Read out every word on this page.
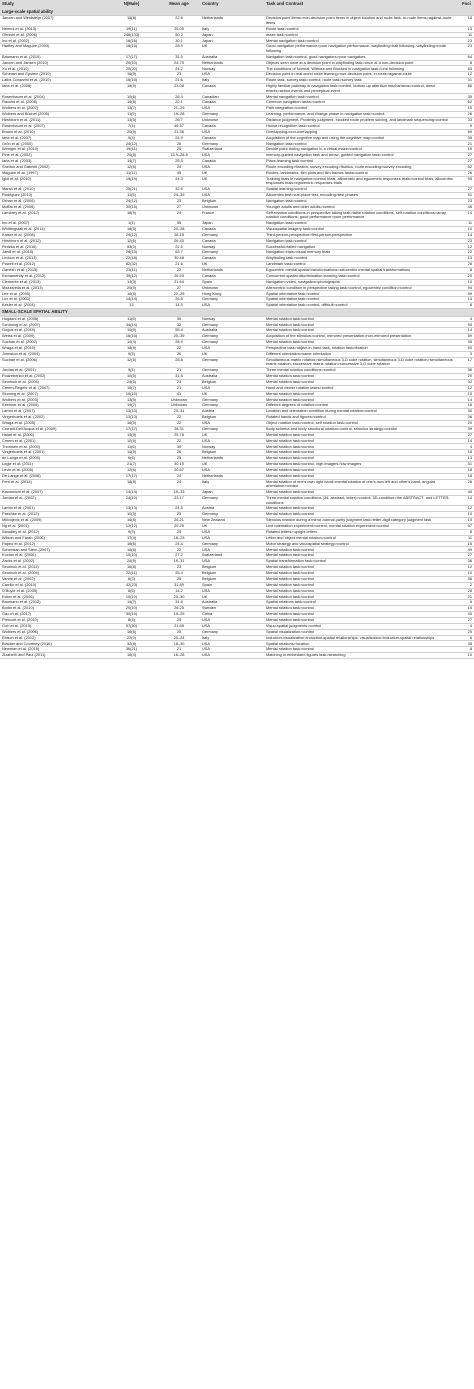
Study	N(Male)	Mean age	Country	Task and Contrast	Foci
Large-scale spatial ability					
Janzen and Weststeijn (2007)	15(8)	22.6	Netherlands	Decision point items>non-decision point items in object location and route task, in-route items>against-route items	18
Nemmi et al. (2013)	19(11)	25.05	Italy	Route task>control	13
Ohnishi et al. (2006)	248(133)	50.2	Japan	maze task>control	11
Ino et al. (2002)	16(16)	30.1	Japan	Mental navigation task>control	23
Hartley and Maguire (2003)	16(16)	28.9	UK	Good navigation performance>poor navigation performance, wayfinding>trail following, wayfinding>route following	23
Baumann et al. (2010)	17(17)	31.5	Australia	Navigation task>control, good navigators>poor navigators	64
Janzen and Jansen (2010)	20(10)	24.75	Netherlands	Objects seen once at a decision point in wayfinding task>once at a non-decision point	8
Xu et al. (2010)	20(20)	24.2	Norway	The conditions of Normal, Without and Blocked in navigation task>Line following	83
Schinazi and Epstein (2010)	16(5)	23	USA	Decision point in real-world route learning>non-decision point, in-route>against-route	12
Latini-Corazzini et al. (2010)	16(16)	21.6	Italy	Route task, survey task>control, route task>survey task	31
Iaria et al. (2008)	18(9)	23.08	Canada	Highly familiar pathway in navigation task>control, bottom-up attention mechanisms>control, direct events>action events and perceptual event	86
Rosenbaum et al. (2004)	10(6)	26.4	Canadian	Mental navigation task>control	35
Rauchs et al. (2008)	16(8)	22.1	Canada	Common navigation tasks>control	62
Wolbers et al. (2007)	13(7)	21–29	USA	Path integration>control	15
Wolbers and Büchel (2005)	11(5)	19–28	Germany	Learning, performance, and change phase in navigation task>control	26
Hirshhorn et al. (2011)	13(5)	26.7	Unknown	Distance judgment, Proximity judgment, blocked route problem solving, and landmark sequencing>control	33
Rosenbaum et al. (2007)	7(4)	46.57	Canada	House recognition task>control	9
Brown et al. (2010)	20(9)	21.36	USA	Overlapping>non-overlapping	69
Iaria et al. (2007)	9(4)	24.9	Canada	Acquisition of the cognitive map and using the cognitive map>control	35
Grön et al. (2000)	24(12)	26	Germany	Navigation task>control	21
Weniger et al. (2010)	19(11)	25	Switzerland	Decide point during navigation in a virtual maze>control	19
Pine et al. (2002)	20(5)	13.9–28.8	USA	memory-guided navigation task and arrow- guided navigation task>control	27
Iaria et al. (2003)	14(7)	25.5	Canada	Place-learning task>control	27
Shelton and Gabrieli (2002)	12(6)	24	USA	Route encoding>fixation, survey encoding>fixation, route encoding>survey encoding	52
Maguire et al. (1997)	11(11)	45	UK	Routes, landmarks, film plots,and film frames tasks>control	26
Iglói et al. (2010)	19(19)	24.3	UK	Training trials in navigation>control trials, allocentric and egocentric responses trials>control trials, allocentric responses trials>egocentric responses trials	95
Marsh et al. (2010)	25(21)	32.5	USA	Spatial learning>control	27
Rodriguez (2010)	11(5)	24–39	USA	Allocentric test>cue-place test, encoding>test phases	51
Orban et al. (2006)	24(12)	23	Belgium	Navigation task>control	23
Moffat et al. (2006)	30(15)	27	Unknown	Younger adults and older adults>control	46
Lambrey et al. (2012)	18(9)	24	France	Self-rotation conditions in perspective taking task>table rotation conditions, self-rotation conditions>array rotation conditions, good performance>poor performance	14
Ino et al. (2007)	1(1)	55	Japan	Navigation task>control	11
Whittingstall et al. (2014)	18(5)	20–28	Canada	Visuospatial imagery task>control	10
Kaiser et al. (2008)	24(12)	28.15	Germany	Third-person-perspective>first-person-perspective	14
Hirshhorn et al. (2012)	12(6)	26.43	Canada	Navigation task>control	23
Pintzka et al. (2016)	53(0)	22.5	Norway	Successful>failed navigation	12
Jandl et al. (2015)	26(13)	63.7	Germany	Navigation trials>visual memory trials	22
Ledoux et al. (2013)	22(18)	30.48	Canada	Wayfinding task>control	13
Powell et al. (2012)	82(32)	21.6	UK	Landmark task>control	28
Ganesh et al. (2015)	23(11)	22	Netherlands	Egocentric mental spatial transformations>allocentric mental spatial transformations	8
Etchamendy et al. (2012)	30(12)	26.53	Canada	Concurrent spatial discrimination learning task>control	20
Clemente et al. (2013)	14(3)	21.64	Spain	Navigation>video, navigation>photographs	10
Mazzarella et al. (2013)	20(9)	27	Unknown	Altercentric condition in perspective taking task>control, egocentric condition>control	94
Lee et al. (2005)	16(8)	22–25	Hong Kong	Spatial orientation task>control	39
Lux et al. (2003)	14(14)	26.8	Germany	Spatial orientation task>control	13
Kesler et al. (2004)	13	14.5	USA	Spatial orientation task>control, difficult>control	8
SMALL-SCALE SPATIAL ABILITY					
Hugdahl et al. (2006)	11(6)	30	Norway	Mental rotation task>control	4
Schöning et al. (2007)	34(14)	32	Germany	Mental rotation task>control	95
Gogos et al. (2010)	10(6)	55.4	Australia	Mental rotation task>control	14
Weiss et al. (2009)	16(16)	20–39	Germany	Acquisition of the stimulus>control, mirrored presentation>non-mirrored presentation	59
Suchan et al. (2002)	10(4)	28.9	Germany	Mental rotation task>control	35
Wraga et al. (2010)	18(9)	22	USA	Perspective task>object-in-hand task, rotation task>fixation	50
Johnston et al. (2004)	9(5)	26	UK	Different orientation>same orientation	3
Suchan et al. (2006)	12(6)	28.8	Germany	Simultaneous matrix rotation>simultaneous 3-D cube rotation, simultaneous 3-D cube rotation>simultaneous matrix rotation, successive matrix rotation>successive 3-D cube rotation	17
Jordan et al. (2001)	9(1)	21	Germany	Three mental rotation conditions>control	36
Podzebenko et al. (2002)	10(5)	31.8	Australia	Mental rotation task>control	20
Seurinck et al. (2005)	24(5)	23	Belgium	Mental rotation task>control	32
Creem-Regehr et al. (2007)	15(7)	21	USA	Hand and viewer rotation tasks>control	12
Sluming et al. (2007)	10(10)	41	UK	Mental rotation task>control	10
Wolbers et al. (2003)	13(9)	Unknown	Germany	Mental rotation task>control	14
Keehner et al. (2006)	14(7)	Unknown	Germany	Different degrees of rotation>control	16
Lamm et al. (2007)	13(13)	23–31	Austria	Location and orientation condition during mental rotation>control	30
Vingerhoets et al. (2002)	13(13)	22	Belgium	Rotated hands and figures>control	36
Wraga et al. (2005)	16(5)	22	USA	Object rotation task>control, self rotation task>control	20
Corradi-Dell'Acqua et al. (2009)	17(17)	28.31	Germany	Body schema and body structural rotation>control, stimulus strategy>control	39
Halari et al. (2006)	19(9)	25.78	UK	Mental rotation task>control	27
Creem et al. (2001)	12(6)	22	USA	Mental rotation task>control	14
Thomsen et al. (2000)	11(6)	30	Norway	Mental rotation task>control	4
Vingerhoets et al. (2001)	10(5)	26	Belgium	Mental rotation task>control	18
de Lange et al. (2005)	6(6)	25	Netherlands	Mental rotation task>control	13
Logie et al. (2011)	21(7)	30.15	UK	Mental rotation task>control, high imagers>low imagers	31
Levin et al. (2005)	12(6)	20.67	USA	Mental rotation task>control	18
De Lange et al. (2008)	17(17)	24	Netherlands	Mental rotation task>control	18
Ferri et al. (2014)	18(8)	24	Italy	Mental rotation of one's own right hand>mental rotation of one's own left and other's hand, angular orientation>control	26
Kawamichi et al. (2007)	14(14)	19–33	Japan	Mental rotation task>control	40
Jordan et al. (2002)	24(10)	23.17	Germany	Three mental rotation conditions (3d, abstract, letter)>control, 3D-condition>the ABSTRACT- and LETTER-conditions	14
Lamm et al. (2001)	13(13)	24.5	Austria	Mental rotation task>control	12
Paschke et al. (2012)	10(5)	25	Germany	Mental rotation task>control	10
Milivojevic et al. (2009)	16(8)	26.21	New Zealand	Stimulus rotation during a mirror-normal parity judgment task>letter-digit category judgment task	15
Ng et al. (2001)	12(12)	29.25	UK	Line orientation experiment>control, mental rotation experiment>control	57
Stoodley et al. (2012)	9(9)	25	USA	Rotated letters>upright letters	8
Wilson and Farah (2006)	17(4)	18–23	USA	Letter and object mental rotation>control	11
Papeo et al. (2012)	16(6)	24.4	Germany	Motor strategy and visuospatial strategy>control	15
Schendan and Stern (2007)	16(8)	22	USA	Mental rotation task>control	49
Kucian et al. (2006)	10(10)	27.2	Switzerland	Mental rotation task>control	27
Zacks et al. (2002)	24(9)	19–31	USA	Spatial transformation task>control	36
Seurinck et al. (2011)	16(8)	23	Belgium	Mental rotation task>control	12
Seurinck et al. (2004)	22(11)	25.4	Belgium	Mental rotation task>control	10
Vanrie et al. (2002)	6(3)	25	Belgium	Mental rotation task>control	36
Carrillo et al. (2010)	42(23)	31.89	Spain	Mental rotation task>control	2
O'Boyle et al. (2005)	6(6)	14.2	USA	Mental rotation task>control	28
Ecker et al. (2006)	10(10)	20–30	UK	Mental rotation task>control	21
Baumann et al. (2012)	14(7)	31.6	Australia	Spatial relations task>control	6
Bodin et al. (2010)	20(10)	26.25	Sweden	Mental rotation task>control	15
Gao et al. (2017)	30(15)	19–25	China	Mental rotation task>control	40
Prescott et al. (2010)	8(4)	25	USA	Mental rotation task>control	27
Goh et al. (2013)	97(50)	21.65	USA	Visuo-spatial judgments>control	4
Wolbers et al. (2006)	16(6)	25	Germany	Spatial visualization>control	25
Ebisch et al. (2012)	22(0)	20–24	Italy	Induction-visualization>induction-spatial relationships, visualization>induction-spatial relationships	6
Blacker and Courtney (2016)	32(8)	18–30	USA	Spatial relations>location	38
Newman et al. (2016)	36(21)	21	USA	Mental rotation task>control	8
Zlzabeth and Paul (2011)	16(4)	18–28	USA	Matching in embedded figures task>searching	10
